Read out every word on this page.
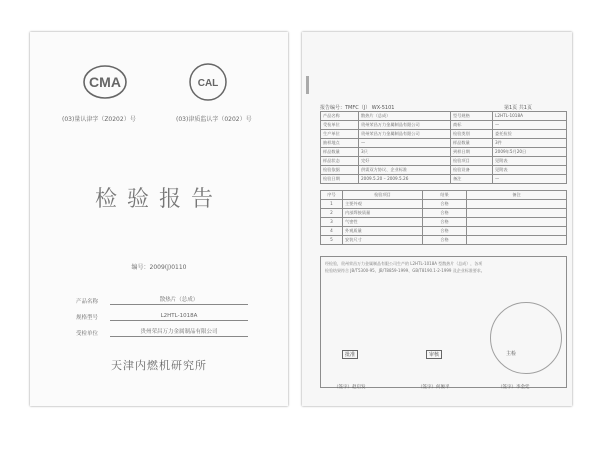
CMA	CAL
(03)量认津字（Z0202）号	(03)津质监认字（0202）号
检验报告
编号：2009(J)0110
产品名称	散热片（总成）
规格型号	L2HTL-1018A
受检单位	贵州荣昌万力金属制品有限公司
天津内燃机研究所
报告编号：TMFC（J） WX-5101	第1页 共1页
产品名称	散热片（总成）	型号规格	L2HTL-1018A
受检单位	贵州荣昌万力金属制品有限公司	商标	—
生产单位	贵州荣昌万力金属制品有限公司	检验类别	委托检验
抽样地点	—	样品数量	3件
样品数量	3只	到样日期	2009年5月20日
样品状态	完好	检验项目	见附表
检验依据	供需双方协议、企业标准	检验设备	见附表
检验日期	2009.5.20 – 2009.5.26	备注	—
序号	检验项目	结果	备注
1	主要外观	合格	
2	内部焊接质量	合格	
3	气密性	合格	
4	外观质量	合格	
5	安装尺寸	合格	
经检验，贵州荣昌万力金属制品有限公司生产的 L2HTL-1018A 型散热片（总成），各项
检验结果符合 JB/T5300-95、JB/T8859-1999、GB/T8190.1-2-1999 及企业标准要求。
批准	审核	主检
（签字）赵启发	（签字）何俊平	（签字）李金廷
